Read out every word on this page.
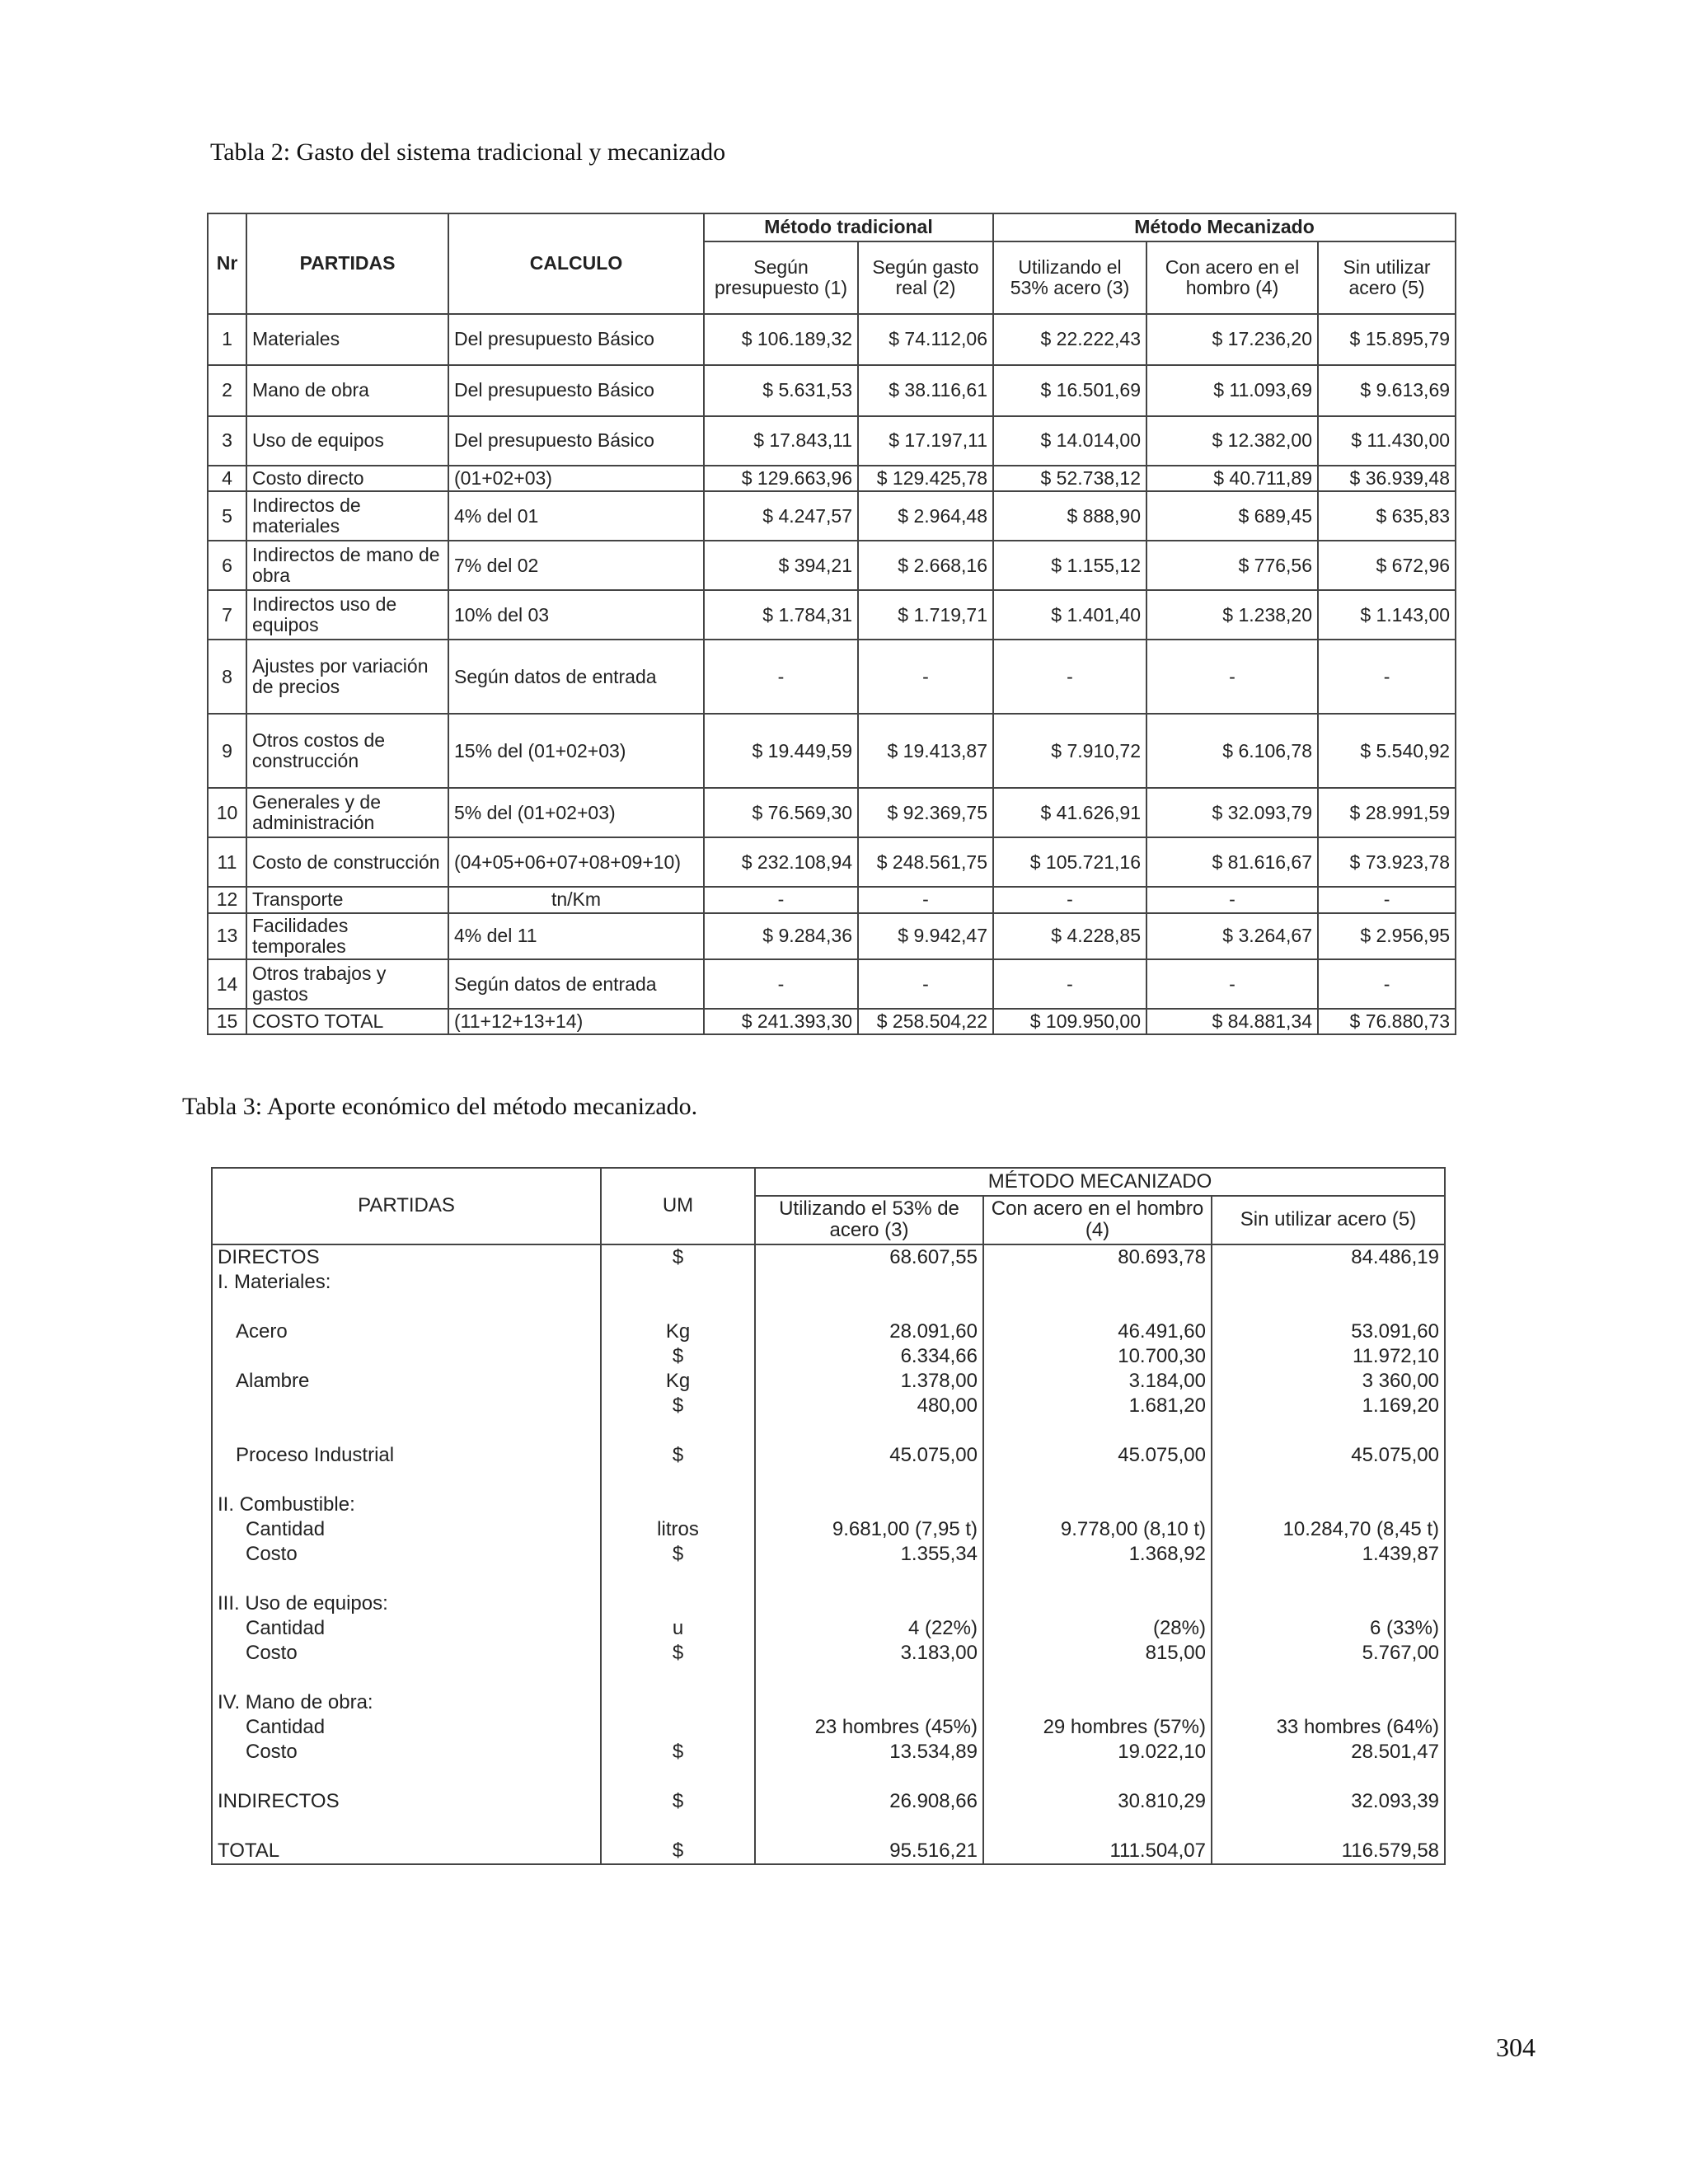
Tabla 2: Gasto del sistema tradicional y mecanizado
Nr	PARTIDAS	CALCULO	Método tradicional		Método Mecanizado		
			Según presupuesto (1)	Según gasto real (2)	Utilizando el 53% acero (3)	Con acero en el hombro (4)	Sin utilizar acero (5)
1	Materiales	Del presupuesto Básico	$ 106.189,32	$ 74.112,06	$ 22.222,43	$ 17.236,20	$ 15.895,79
2	Mano de obra	Del presupuesto Básico	$ 5.631,53	$ 38.116,61	$ 16.501,69	$ 11.093,69	$ 9.613,69
3	Uso de equipos	Del presupuesto Básico	$ 17.843,11	$ 17.197,11	$ 14.014,00	$ 12.382,00	$ 11.430,00
4	Costo directo	(01+02+03)	$ 129.663,96	$ 129.425,78	$ 52.738,12	$ 40.711,89	$ 36.939,48
5	Indirectos de materiales	4% del 01	$ 4.247,57	$ 2.964,48	$ 888,90	$ 689,45	$ 635,83
6	Indirectos de mano de obra	7% del 02	$ 394,21	$ 2.668,16	$ 1.155,12	$ 776,56	$ 672,96
7	Indirectos uso de equipos	10% del 03	$ 1.784,31	$ 1.719,71	$ 1.401,40	$ 1.238,20	$ 1.143,00
8	Ajustes por variación de precios	Según datos de entrada	-	-	-	-	-
9	Otros costos de construcción	15% del (01+02+03)	$ 19.449,59	$ 19.413,87	$ 7.910,72	$ 6.106,78	$ 5.540,92
10	Generales y de administración	5% del (01+02+03)	$ 76.569,30	$ 92.369,75	$ 41.626,91	$ 32.093,79	$ 28.991,59
11	Costo de construcción	(04+05+06+07+08+09+10)	$ 232.108,94	$ 248.561,75	$ 105.721,16	$ 81.616,67	$ 73.923,78
12	Transporte	tn/Km	-	-	-	-	-
13	Facilidades temporales	4% del 11	$ 9.284,36	$ 9.942,47	$ 4.228,85	$ 3.264,67	$ 2.956,95
14	Otros trabajos y gastos	Según datos de entrada	-	-	-	-	-
15	COSTO TOTAL	(11+12+13+14)	$ 241.393,30	$ 258.504,22	$ 109.950,00	$ 84.881,34	$ 76.880,73
Tabla 3: Aporte económico del método mecanizado.
PARTIDAS	UM	MÉTODO MECANIZADO		
		Utilizando el 53% de acero (3)	Con acero en el hombro (4)	Sin utilizar acero (5)
DIRECTOS	$	68.607,55	80.693,78	84.486,19
I. Materiales:				

Acero	Kg	28.091,60	46.491,60	53.091,60
	$	6.334,66	10.700,30	11.972,10
Alambre	Kg	1.378,00	3.184,00	3 360,00
	$	480,00	1.681,20	1.169,20

Proceso Industrial	$	45.075,00	45.075,00	45.075,00

II. Combustible:				
Cantidad	litros	9.681,00 (7,95 t)	9.778,00 (8,10 t)	10.284,70 (8,45 t)
Costo	$	1.355,34	1.368,92	1.439,87

III. Uso de equipos:				
Cantidad	u	4 (22%)	(28%)	6 (33%)
Costo	$	3.183,00	815,00	5.767,00

IV. Mano de obra:				
Cantidad		23 hombres (45%)	29 hombres (57%)	33 hombres (64%)
Costo	$	13.534,89	19.022,10	28.501,47

INDIRECTOS	$	26.908,66	30.810,29	32.093,39

TOTAL	$	95.516,21	111.504,07	116.579,58
304
